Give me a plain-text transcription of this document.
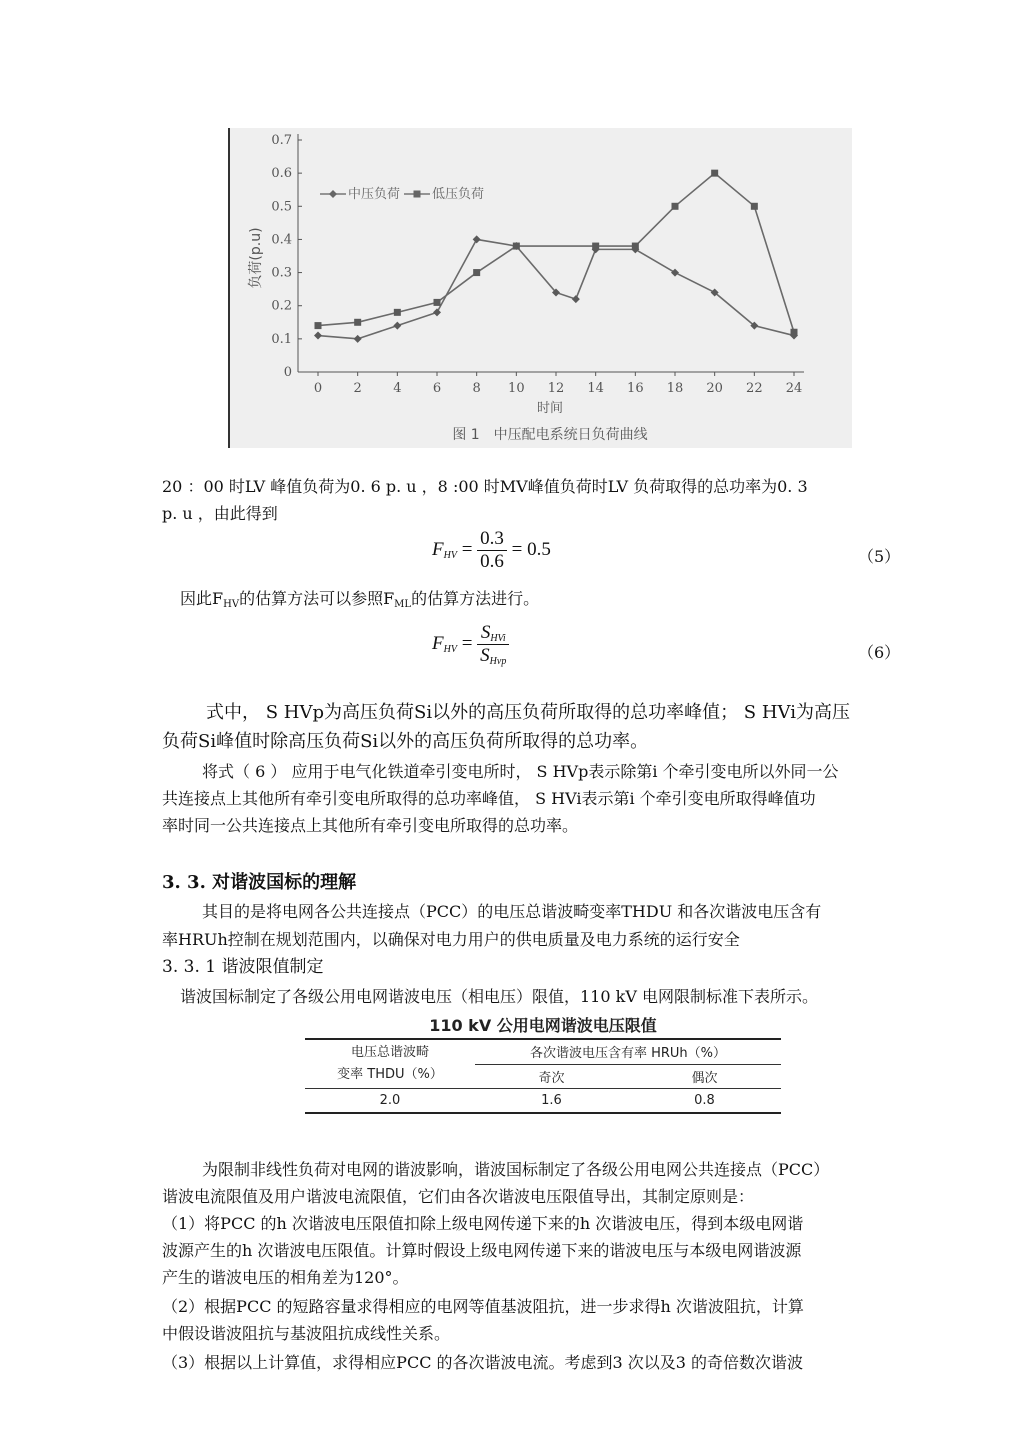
0
0.1
0.2
0.3
0.4
0.5
0.6
0.7
0 2 4 6 8 10 12 14 16 18 20 22 24
负荷(p.u)
时间
中压负荷 低压负荷
图 1　中压配电系统日负荷曲线
20 ：00 时LV 峰值负荷为0. 6 p. u ，8 :00 时MV峰值负荷时LV 负荷取得的总功率为0. 3
p. u ，由此得到
$F_{HV} = \frac{0.3}{0.6} = 0.5$	（5）
因此$F_{HV}$的估算方法可以参照$F_{ML}$的估算方法进行。
$F_{HV} = \frac{S_{HVi}}{S_{Hvp}}$	（6）
式中， S HVp为高压负荷Si以外的高压负荷所取得的总功率峰值； S HVi为高压
负荷Si峰值时除高压负荷Si以外的高压负荷所取得的总功率。
将式（ 6 ） 应用于电气化铁道牵引变电所时， S HVp表示除第i 个牵引变电所以外同一公
共连接点上其他所有牵引变电所取得的总功率峰值， S HVi表示第i 个牵引变电所取得峰值功
率时同一公共连接点上其他所有牵引变电所取得的总功率。
3. 3. 对谐波国标的理解
其目的是将电网各公共连接点（PCC）的电压总谐波畸变率THDU 和各次谐波电压含有
率HRUh控制在规划范围内，以确保对电力用户的供电质量及电力系统的运行安全
3. 3. 1 谐波限值制定
谐波国标制定了各级公用电网谐波电压（相电压）限值，110 kV 电网限制标准下表所示。
110 kV 公用电网谐波电压限值
电压总谐波畸
变率 THDU（%）	各次谐波电压含有率 HRUh（%）	
	奇次	偶次
2.0	1.6	0.8
为限制非线性负荷对电网的谐波影响，谐波国标制定了各级公用电网公共连接点（PCC）
谐波电流限值及用户谐波电流限值，它们由各次谐波电压限值导出，其制定原则是：
（1）将PCC 的h 次谐波电压限值扣除上级电网传递下来的h 次谐波电压，得到本级电网谐
波源产生的h 次谐波电压限值。计算时假设上级电网传递下来的谐波电压与本级电网谐波源
产生的谐波电压的相角差为120°。
（2）根据PCC 的短路容量求得相应的电网等值基波阻抗，进一步求得h 次谐波阻抗，计算
中假设谐波阻抗与基波阻抗成线性关系。
（3）根据以上计算值，求得相应PCC 的各次谐波电流。考虑到3 次以及3 的奇倍数次谐波
